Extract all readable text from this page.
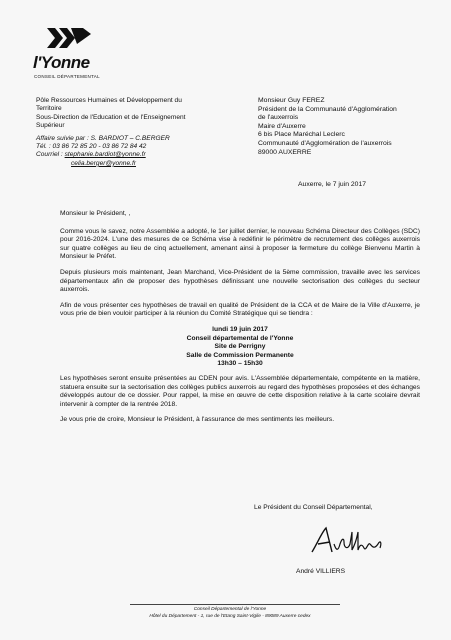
l'Yonne
CONSEIL DÉPARTEMENTAL
Pôle Ressources Humaines et Développement du
Territoire
Sous-Direction de l'Education et de l'Enseignement
Supérieur
Affaire suivie par : S. BARDIOT – C.BERGER
Tél. : 03 86 72 85 20 - 03 86 72 84 42
Courriel : stephanie.bardiot@yonne.fr
celia.berger@yonne.fr
Monsieur Guy FEREZ
Président de la Communauté d'Agglomération
de l'auxerrois
Maire d'Auxerre
6 bis Place Maréchal Leclerc
Communauté d'Agglomération de l'auxerrois
89000 AUXERRE
Auxerre, le 7 juin 2017

Monsieur le Président, ,

Comme vous le savez, notre Assemblée a adopté, le 1er juillet dernier, le nouveau Schéma Directeur des Collèges (SDC) pour 2016-2024. L'une des mesures de ce Schéma vise à redéfinir le périmètre de recrutement des collèges auxerrois sur quatre collèges au lieu de cinq actuellement, amenant ainsi à proposer la fermeture du collège Bienvenu Martin à Monsieur le Préfet.

Depuis plusieurs mois maintenant, Jean Marchand, Vice-Président de la 5ème commission, travaille avec les services départementaux afin de proposer des hypothèses définissant une nouvelle sectorisation des collèges du secteur auxerrois.

Afin de vous présenter ces hypothèses de travail en qualité de Président de la CCA et de Maire de la Ville d'Auxerre, je vous prie de bien vouloir participer à la réunion du Comité Stratégique qui se tiendra :

lundi 19 juin 2017
Conseil départemental de l'Yonne
Site de Perrigny
Salle de Commission Permanente
13h30 – 15h30

Les hypothèses seront ensuite présentées au CDEN pour avis. L'Assemblée départementale, compétente en la matière, statuera ensuite sur la sectorisation des collèges publics auxerrois au regard des hypothèses proposées et des échanges développés autour de ce dossier. Pour rappel, la mise en œuvre de cette disposition relative à la carte scolaire devrait intervenir à compter de la rentrée 2018.

Je vous prie de croire, Monsieur le Président, à l'assurance de mes sentiments les meilleurs.

Le Président du Conseil Départemental,
André VILLIERS
Conseil Départemental de l'Yonne
Hôtel du Département - 1, rue de l'Etang Saint-Vigile - 89089 Auxerre cedex
